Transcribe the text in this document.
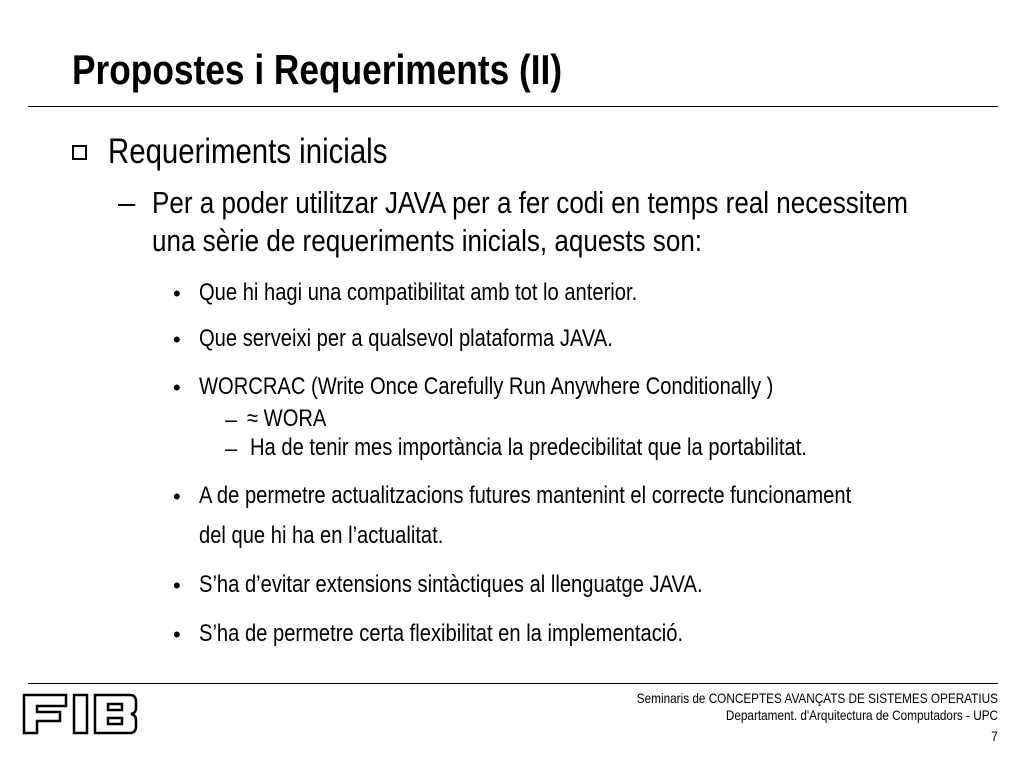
Propostes i Requeriments (II)
Requeriments inicials
– Per a poder utilitzar JAVA per a fer codi en temps real necessitem
una sèrie de requeriments inicials, aquests son:
• Que hi hagi una compatibilitat amb tot lo anterior.
• Que serveixi per a qualsevol plataforma JAVA.
• WORCRAC (Write Once Carefully Run Anywhere Conditionally )
– ≈ WORA
– Ha de tenir mes importància la predecibilitat que la portabilitat.
• A de permetre actualitzacions futures mantenint el correcte funcionament
del que hi ha en l’actualitat.
• S’ha d’evitar extensions sintàctiques al llenguatge JAVA.
• S’ha de permetre certa flexibilitat en la implementació.
Seminaris de CONCEPTES AVANÇATS DE SISTEMES OPERATIUS
Departament. d'Arquitectura de Computadors - UPC
7
